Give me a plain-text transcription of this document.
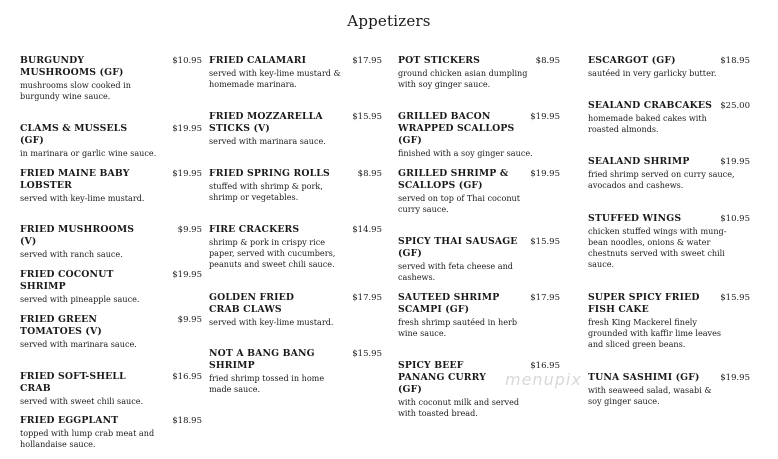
Appetizers
BURGUNDY MUSHROOMS (GF)
$10.95
mushrooms slow cooked in burgundy wine sauce.
CLAMS & MUSSELS (GF)
$19.95
in marinara or garlic wine sauce.
FRIED MAINE BABY LOBSTER
$19.95
served with key-lime mustard.
FRIED MUSHROOMS (V)
$9.95
served with ranch sauce.
FRIED COCONUT SHRIMP
$19.95
served with pineapple sauce.
FRIED GREEN TOMATOES (V)
$9.95
served with marinara sauce.
FRIED SOFT-SHELL CRAB
$16.95
served with sweet chili sauce.
FRIED EGGPLANT	$18.95
topped with lump crab meat and hollandaise sauce.
FRIED CALAMARI	$17.95
served with key-lime mustard & homemade marinara.
FRIED MOZZARELLA STICKS (V)
$15.95
served with marinara sauce.
FRIED SPRING ROLLS	$8.95
stuffed with shrimp & pork, shrimp or vegetables.
FIRE CRACKERS	$14.95
shrimp & pork in crispy rice paper, served with cucumbers, peanuts and sweet chili sauce.
GOLDEN FRIED CRAB CLAWS
$17.95
served with key-lime mustard.
NOT A BANG BANG SHRIMP
$15.95
fried shrimp tossed in home made sauce.
POT STICKERS	$8.95
ground chicken asian dumpling with soy ginger sauce.
GRILLED BACON WRAPPED SCALLOPS (GF)
$19.95
finished with a soy ginger sauce.
GRILLED SHRIMP & SCALLOPS (GF)
$19.95
served on top of Thai coconut curry sauce.
SPICY THAI SAUSAGE (GF)
$15.95
served with feta cheese and cashews.
SAUTEED SHRIMP SCAMPI (GF)
$17.95
fresh shrimp sautéed in herb wine sauce.
SPICY BEEF PANANG CURRY (GF)
$16.95
with coconut milk and served with toasted bread.
ESCARGOT (GF)	$18.95
sautéed in very garlicky butter.
SEALAND CRABCAKES $25.00
homemade baked cakes with roasted almonds.
SEALAND SHRIMP	$19.95
fried shrimp served on curry sauce, avocados and cashews.
STUFFED WINGS	$10.95
chicken stuffed wings with mung-bean noodles, onions & water chestnuts served with sweet chili sauce.
SUPER SPICY FRIED FISH CAKE
$15.95
fresh King Mackerel finely grounded with kaffir lime leaves and sliced green beans.
TUNA SASHIMI (GF)	$19.95
with seaweed salad, wasabi & soy ginger sauce.
menupix
